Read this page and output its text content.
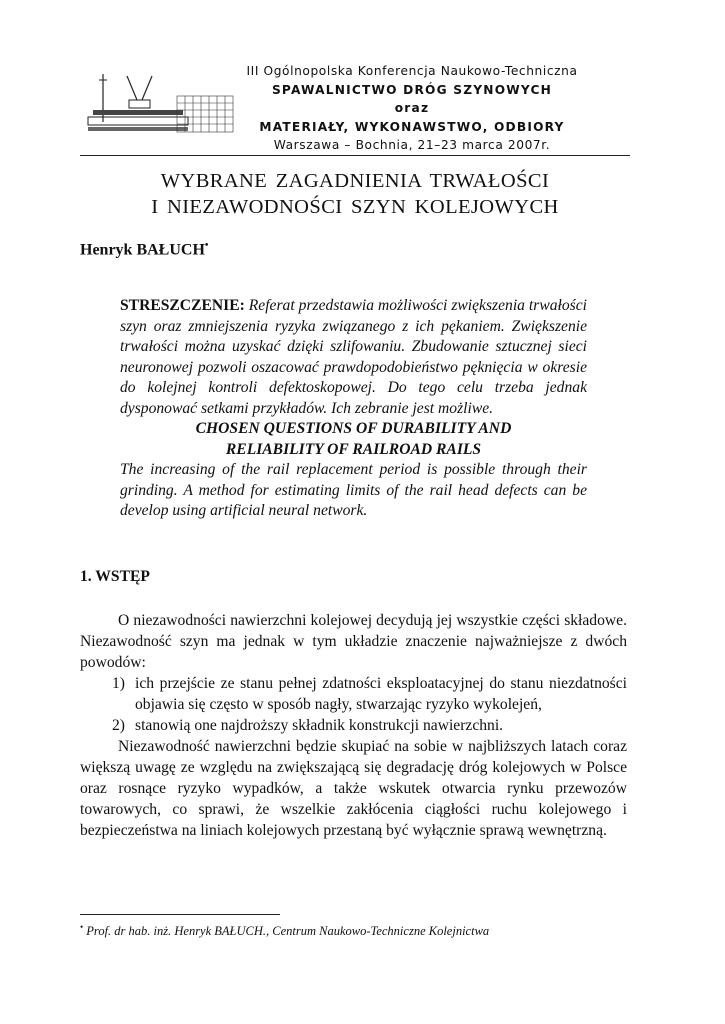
III Ogólnopolska Konferencja Naukowo-Techniczna
SPAWALNICTWO DRÓG SZYNOWYCH
oraz
MATERIAŁY, WYKONAWSTWO, ODBIORY
Warszawa – Bochnia, 21–23 marca 2007r.
WYBRANE ZAGADNIENIA TRWAŁOŚCI
I NIEZAWODNOŚCI SZYN KOLEJOWYCH
Henryk BAŁUCH•
STRESZCZENIE: Referat przedstawia możliwości zwiększenia trwałości szyn oraz zmniejszenia ryzyka związanego z ich pękaniem. Zwiększenie trwałości można uzyskać dzięki szlifowaniu. Zbudowanie sztucznej sieci neuronowej pozwoli oszacować prawdopodobieństwo pęknięcia w okresie do kolejnej kontroli defektoskopowej. Do tego celu trzeba jednak dysponować setkami przykładów. Ich zebranie jest możliwe.
CHOSEN QUESTIONS OF DURABILITY AND
RELIABILITY OF RAILROAD RAILS
The increasing of the rail replacement period is possible through their grinding. A method for estimating limits of the rail head defects can be develop using artificial neural network.
1. WSTĘP

O niezawodności nawierzchni kolejowej decydują jej wszystkie części składowe. Niezawodność szyn ma jednak w tym układzie znaczenie najważniejsze z dwóch powodów:

1) ich przejście ze stanu pełnej zdatności eksploatacyjnej do stanu niezdatności objawia się często w sposób nagły, stwarzając ryzyko wykolejeń,
2) stanowią one najdroższy składnik konstrukcji nawierzchni.

Niezawodność nawierzchni będzie skupiać na sobie w najbliższych latach coraz większą uwagę ze względu na zwiększającą się degradację dróg kolejowych w Polsce oraz rosnące ryzyko wypadków, a także wskutek otwarcia rynku przewozów towarowych, co sprawi, że wszelkie zakłócenia ciągłości ruchu kolejowego i bezpieczeństwa na liniach kolejowych przestaną być wyłącznie sprawą wewnętrzną.

• Prof. dr hab. inż. Henryk BAŁUCH., Centrum Naukowo-Techniczne Kolejnictwa
